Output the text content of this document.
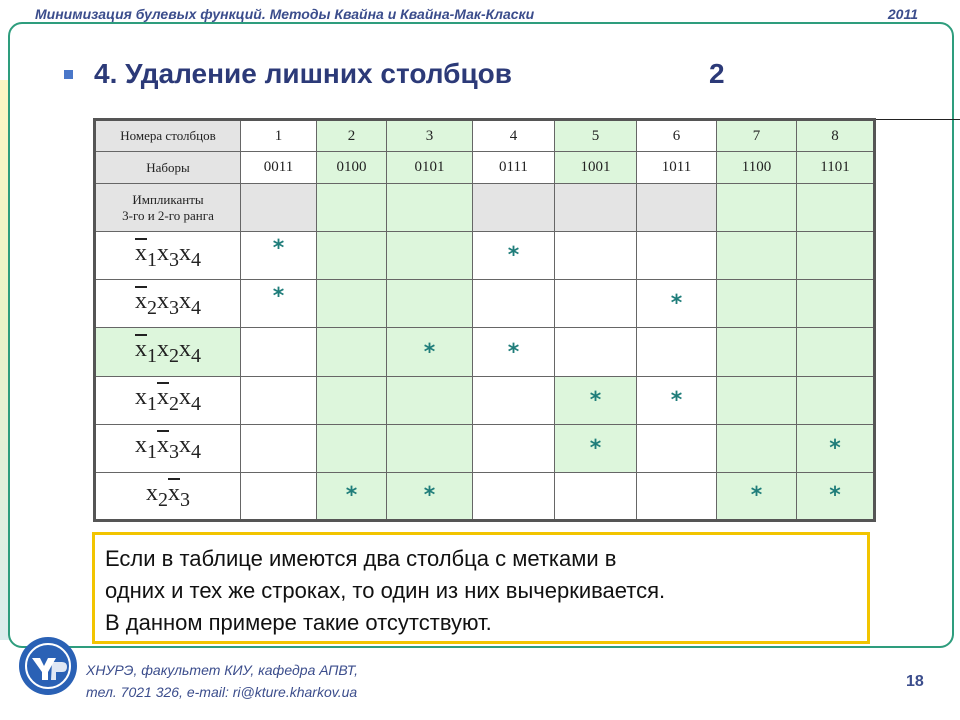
Минимизация булевых функций. Методы Квайна и Квайна-Мак-Класки	2011
4. Удаление лишних столбцов	2
Номера столбцов	1	2	3	4	5	6	7	8
Наборы	0011	0100	0101	0111	1001	1011	1100	1101
Импликанты
3-го и 2-го ранга								
$\overline{x}_1x_3x_4$	*			*				
$\overline{x}_2x_3x_4$	*					*		
$\overline{x}_1x_2x_4$			*	*				
$x_1\overline{x}_2x_4$					*	*		
$x_1\overline{x}_3x_4$					*			*
$x_2\overline{x}_3$		*	*				*	*
Если в таблице имеются два столбца с метками в
одних и тех же строках, то один из них вычеркивается.
В данном примере такие отсутствуют.
ХНУРЭ, факультет КИУ, кафедра АПВТ,
тел. 7021 326, e-mail: ri@kture.kharkov.ua
18
